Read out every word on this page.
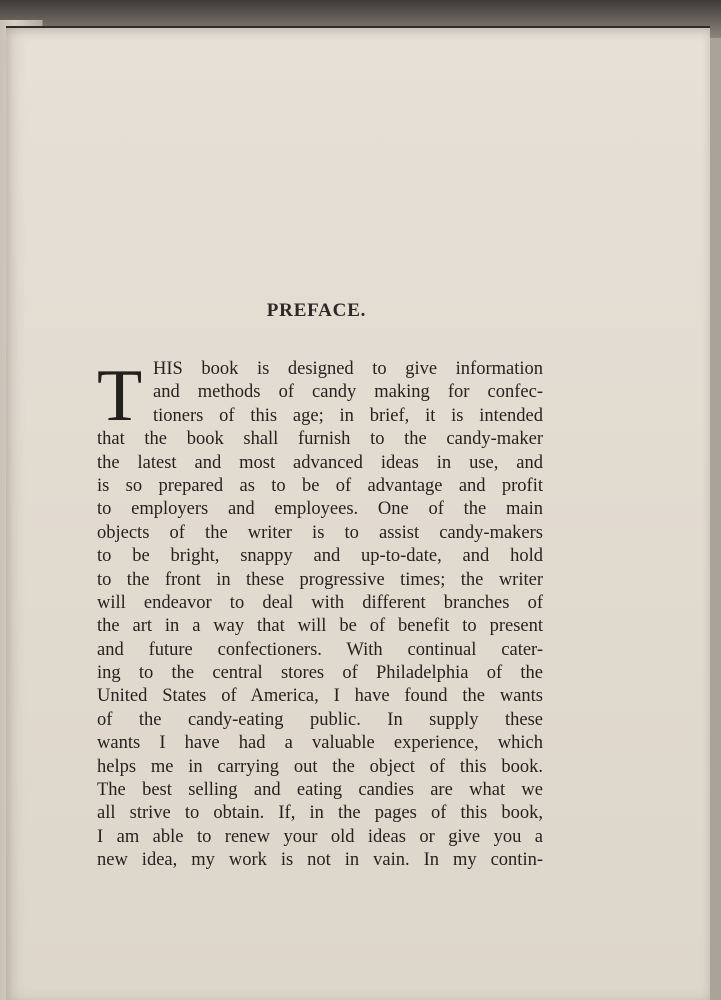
PREFACE.
T HIS book is designed to give information
and methods of candy making for confec-
tioners of this age; in brief, it is intended
that the book shall furnish to the candy-maker
the latest and most advanced ideas in use, and
is so prepared as to be of advantage and profit
to employers and employees. One of the main
objects of the writer is to assist candy-makers
to be bright, snappy and up-to-date, and hold
to the front in these progressive times; the writer
will endeavor to deal with different branches of
the art in a way that will be of benefit to present
and future confectioners. With continual cater-
ing to the central stores of Philadelphia of the
United States of America, I have found the wants
of the candy-eating public. In supply these
wants I have had a valuable experience, which
helps me in carrying out the object of this book.
The best selling and eating candies are what we
all strive to obtain. If, in the pages of this book,
I am able to renew your old ideas or give you a
new idea, my work is not in vain. In my contin-
